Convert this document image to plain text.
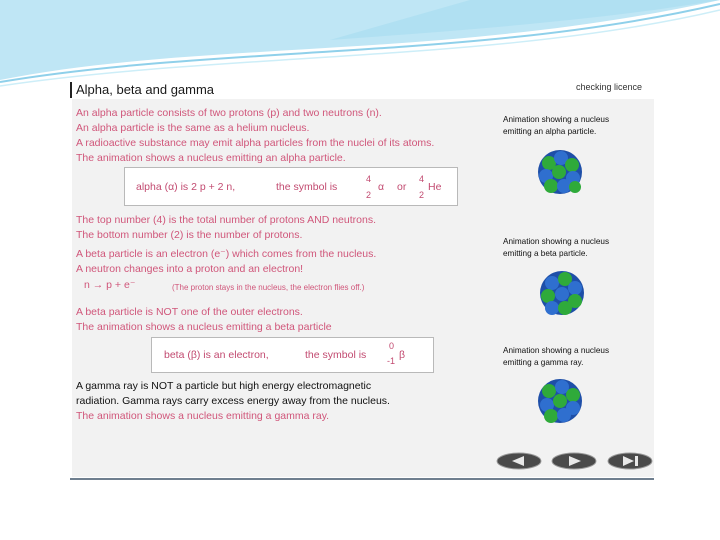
Alpha, beta and gamma	checking licence
An alpha particle consists of two protons (p) and two neutrons (n).
An alpha particle is the same as a helium nucleus.
A radioactive substance may emit alpha particles from the nuclei of its atoms.
The animation shows a nucleus emitting an alpha particle.
alpha (α) is 2 p + 2 n,	the symbol is
4
2
α or
4
2
He
The top number (4) is the total number of protons AND neutrons.
The bottom number (2) is the number of protons.
A beta particle is an electron (e⁻) which comes from the nucleus.
A neutron changes into a proton and an electron!
n → p + e⁻	(The proton stays in the nucleus, the electron flies off.)
A beta particle is NOT one of the outer electrons.
The animation shows a nucleus emitting a beta particle
beta (β) is an electron,	the symbol is
0
-1 β
A gamma ray is NOT a particle but high energy electromagnetic
radiation. Gamma rays carry excess energy away from the nucleus.
The animation shows a nucleus emitting a gamma ray.
Animation showing a nucleus
emitting an alpha particle.
Animation showing a nucleus
emitting a beta particle.
Animation showing a nucleus
emitting a gamma ray.
